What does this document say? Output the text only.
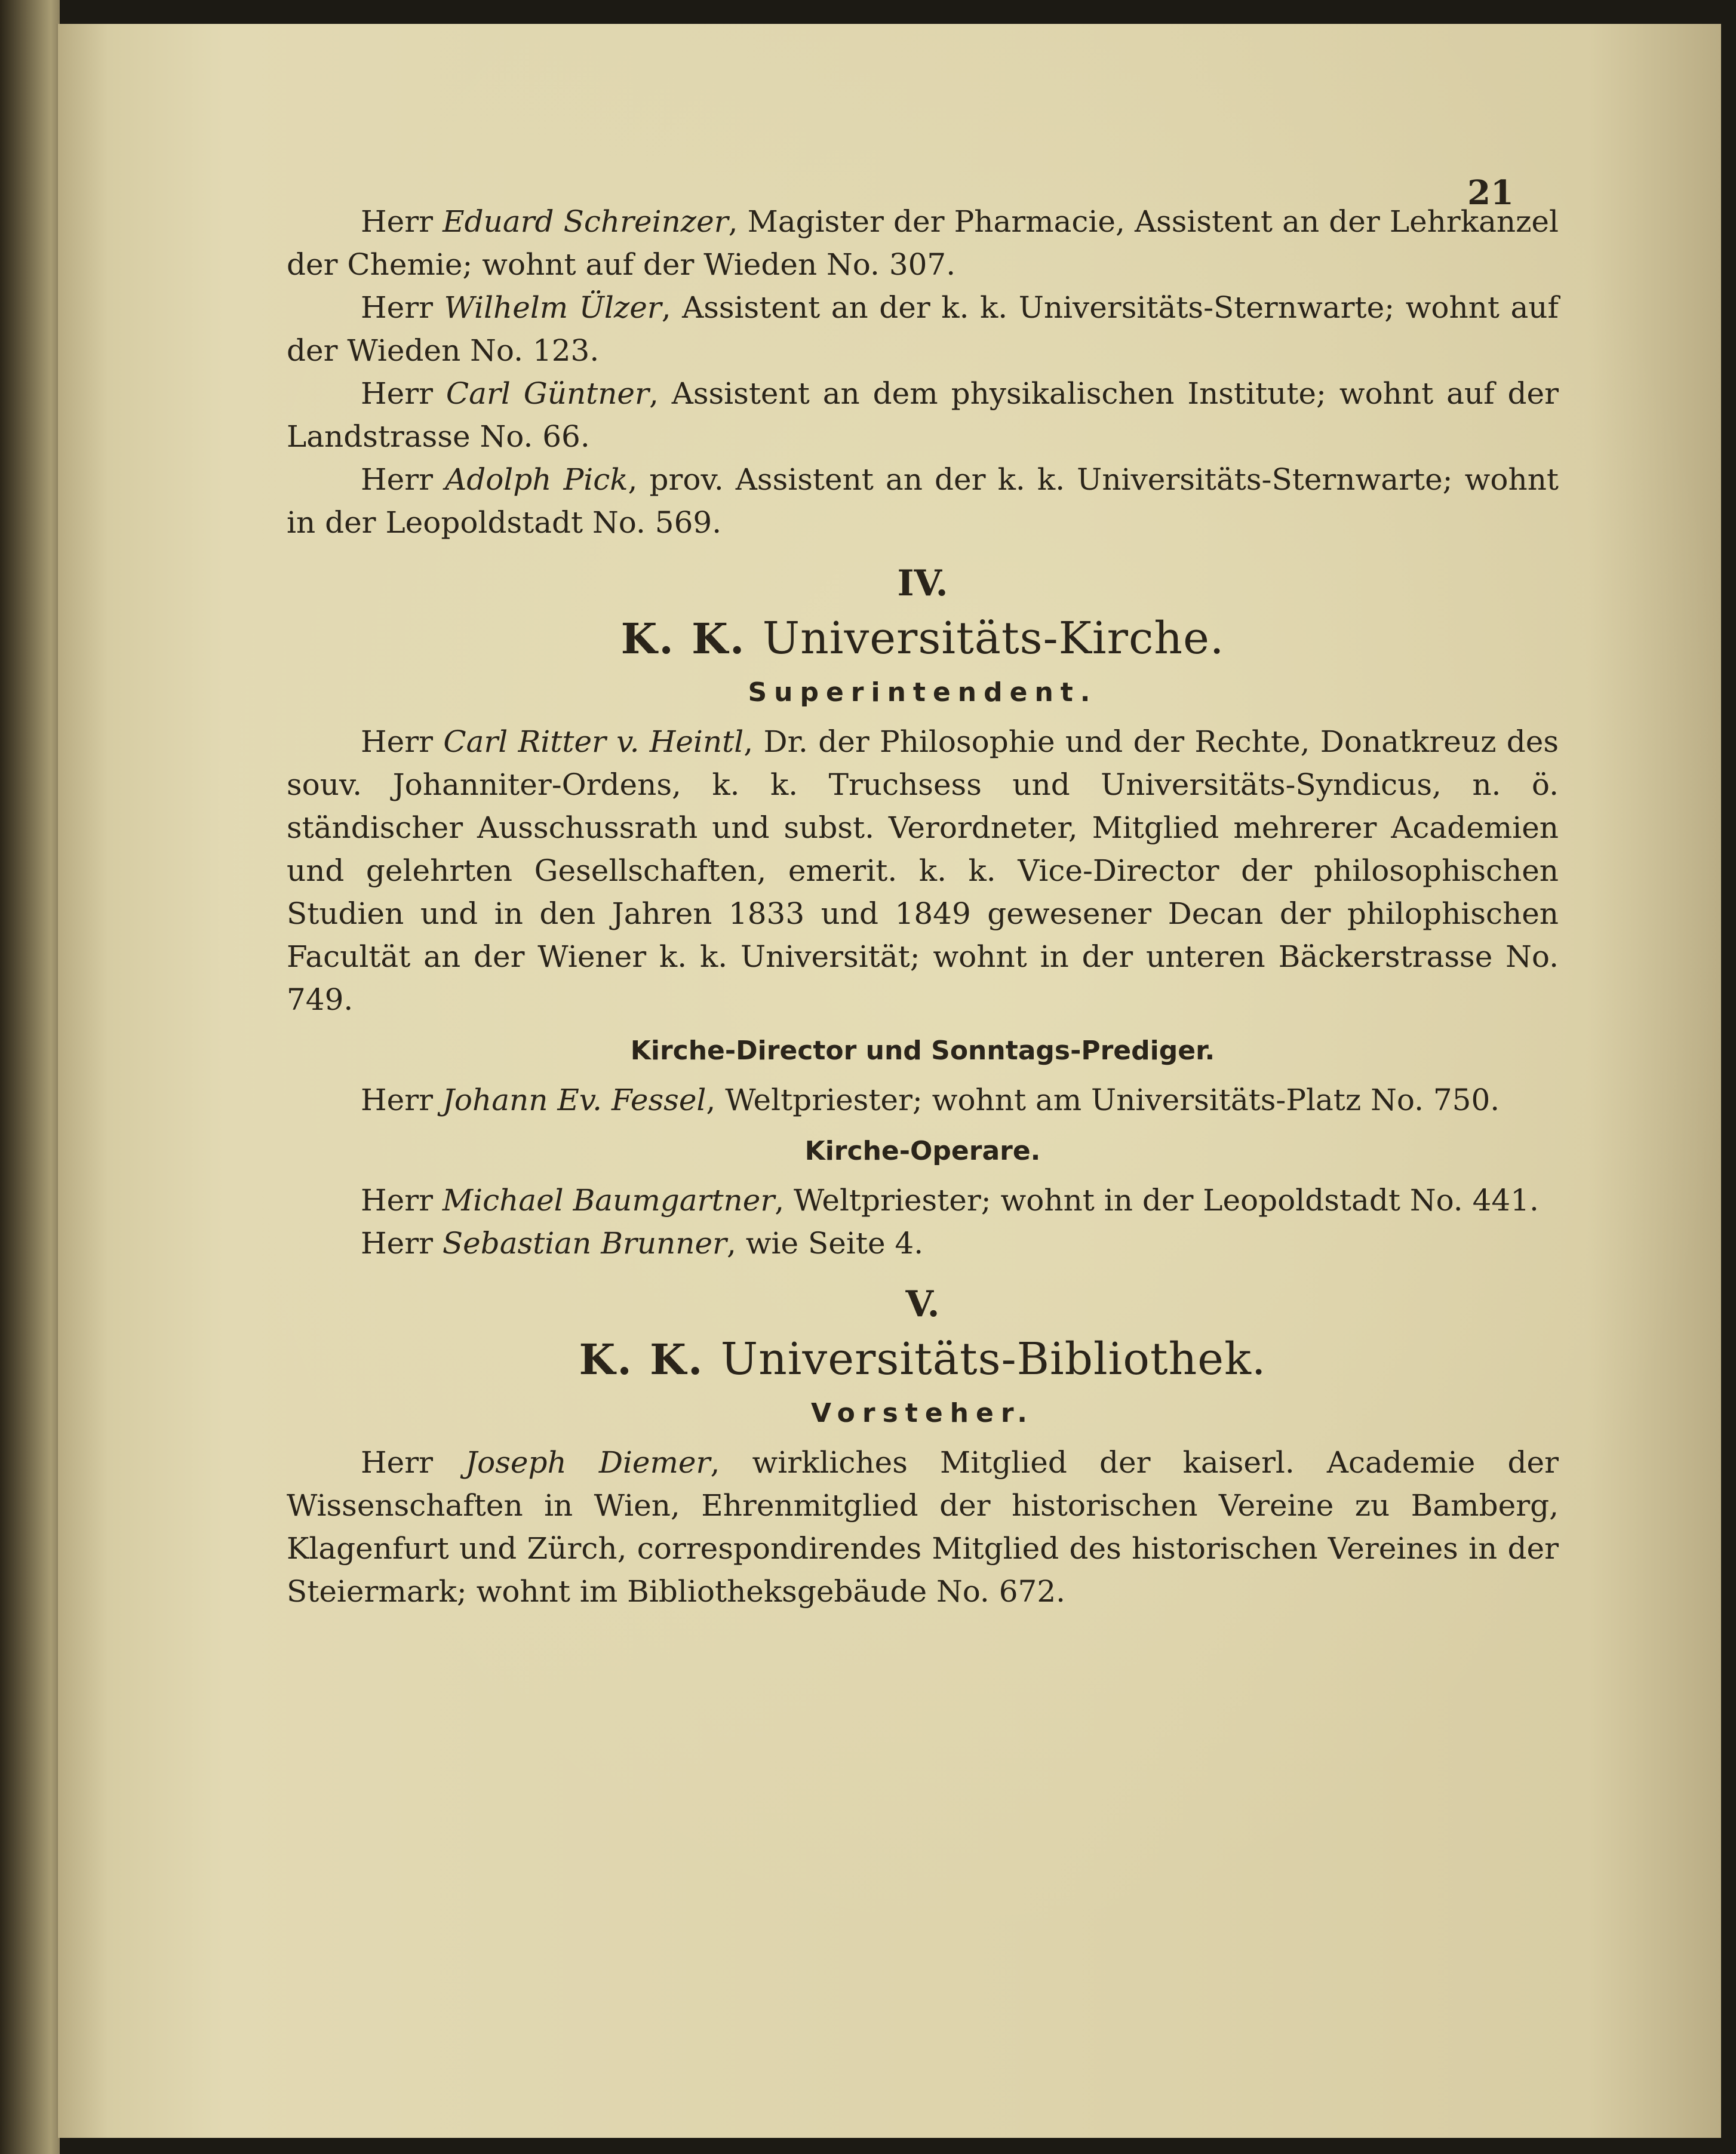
21

Herr Eduard Schreinzer, Magister der Pharmacie, Assistent an der Lehrkanzel der Chemie; wohnt auf der Wieden No. 307.

Herr Wilhelm Ülzer, Assistent an der k. k. Universitäts-Sternwarte; wohnt auf der Wieden No. 123.

Herr Carl Güntner, Assistent an dem physikalischen Institute; wohnt auf der Landstrasse No. 66.

Herr Adolph Pick, prov. Assistent an der k. k. Universitäts-Sternwarte; wohnt in der Leopoldstadt No. 569.

IV.

K. K. Universitäts-Kirche.

Superintendent.

Herr Carl Ritter v. Heintl, Dr. der Philosophie und der Rechte, Donatkreuz des souv. Johanniter-Ordens, k. k. Truchsess und Universitäts-Syndicus, n. ö. ständischer Ausschussrath und subst. Verordneter, Mitglied mehrerer Academien und gelehrten Gesellschaften, emerit. k. k. Vice-Director der philosophischen Studien und in den Jahren 1833 und 1849 gewesener Decan der philophischen Facultät an der Wiener k. k. Universität; wohnt in der unteren Bäckerstrasse No. 749.

Kirche-Director und Sonntags-Prediger.

Herr Johann Ev. Fessel, Weltpriester; wohnt am Universitäts-Platz No. 750.

Kirche-Operare.

Herr Michael Baumgartner, Weltpriester; wohnt in der Leopoldstadt No. 441.

Herr Sebastian Brunner, wie Seite 4.

V.

K. K. Universitäts-Bibliothek.

Vorsteher.

Herr Joseph Diemer, wirkliches Mitglied der kaiserl. Academie der Wissenschaften in Wien, Ehrenmitglied der historischen Vereine zu Bamberg, Klagenfurt und Zürch, correspondirendes Mitglied des historischen Vereines in der Steiermark; wohnt im Bibliotheksgebäude No. 672.
